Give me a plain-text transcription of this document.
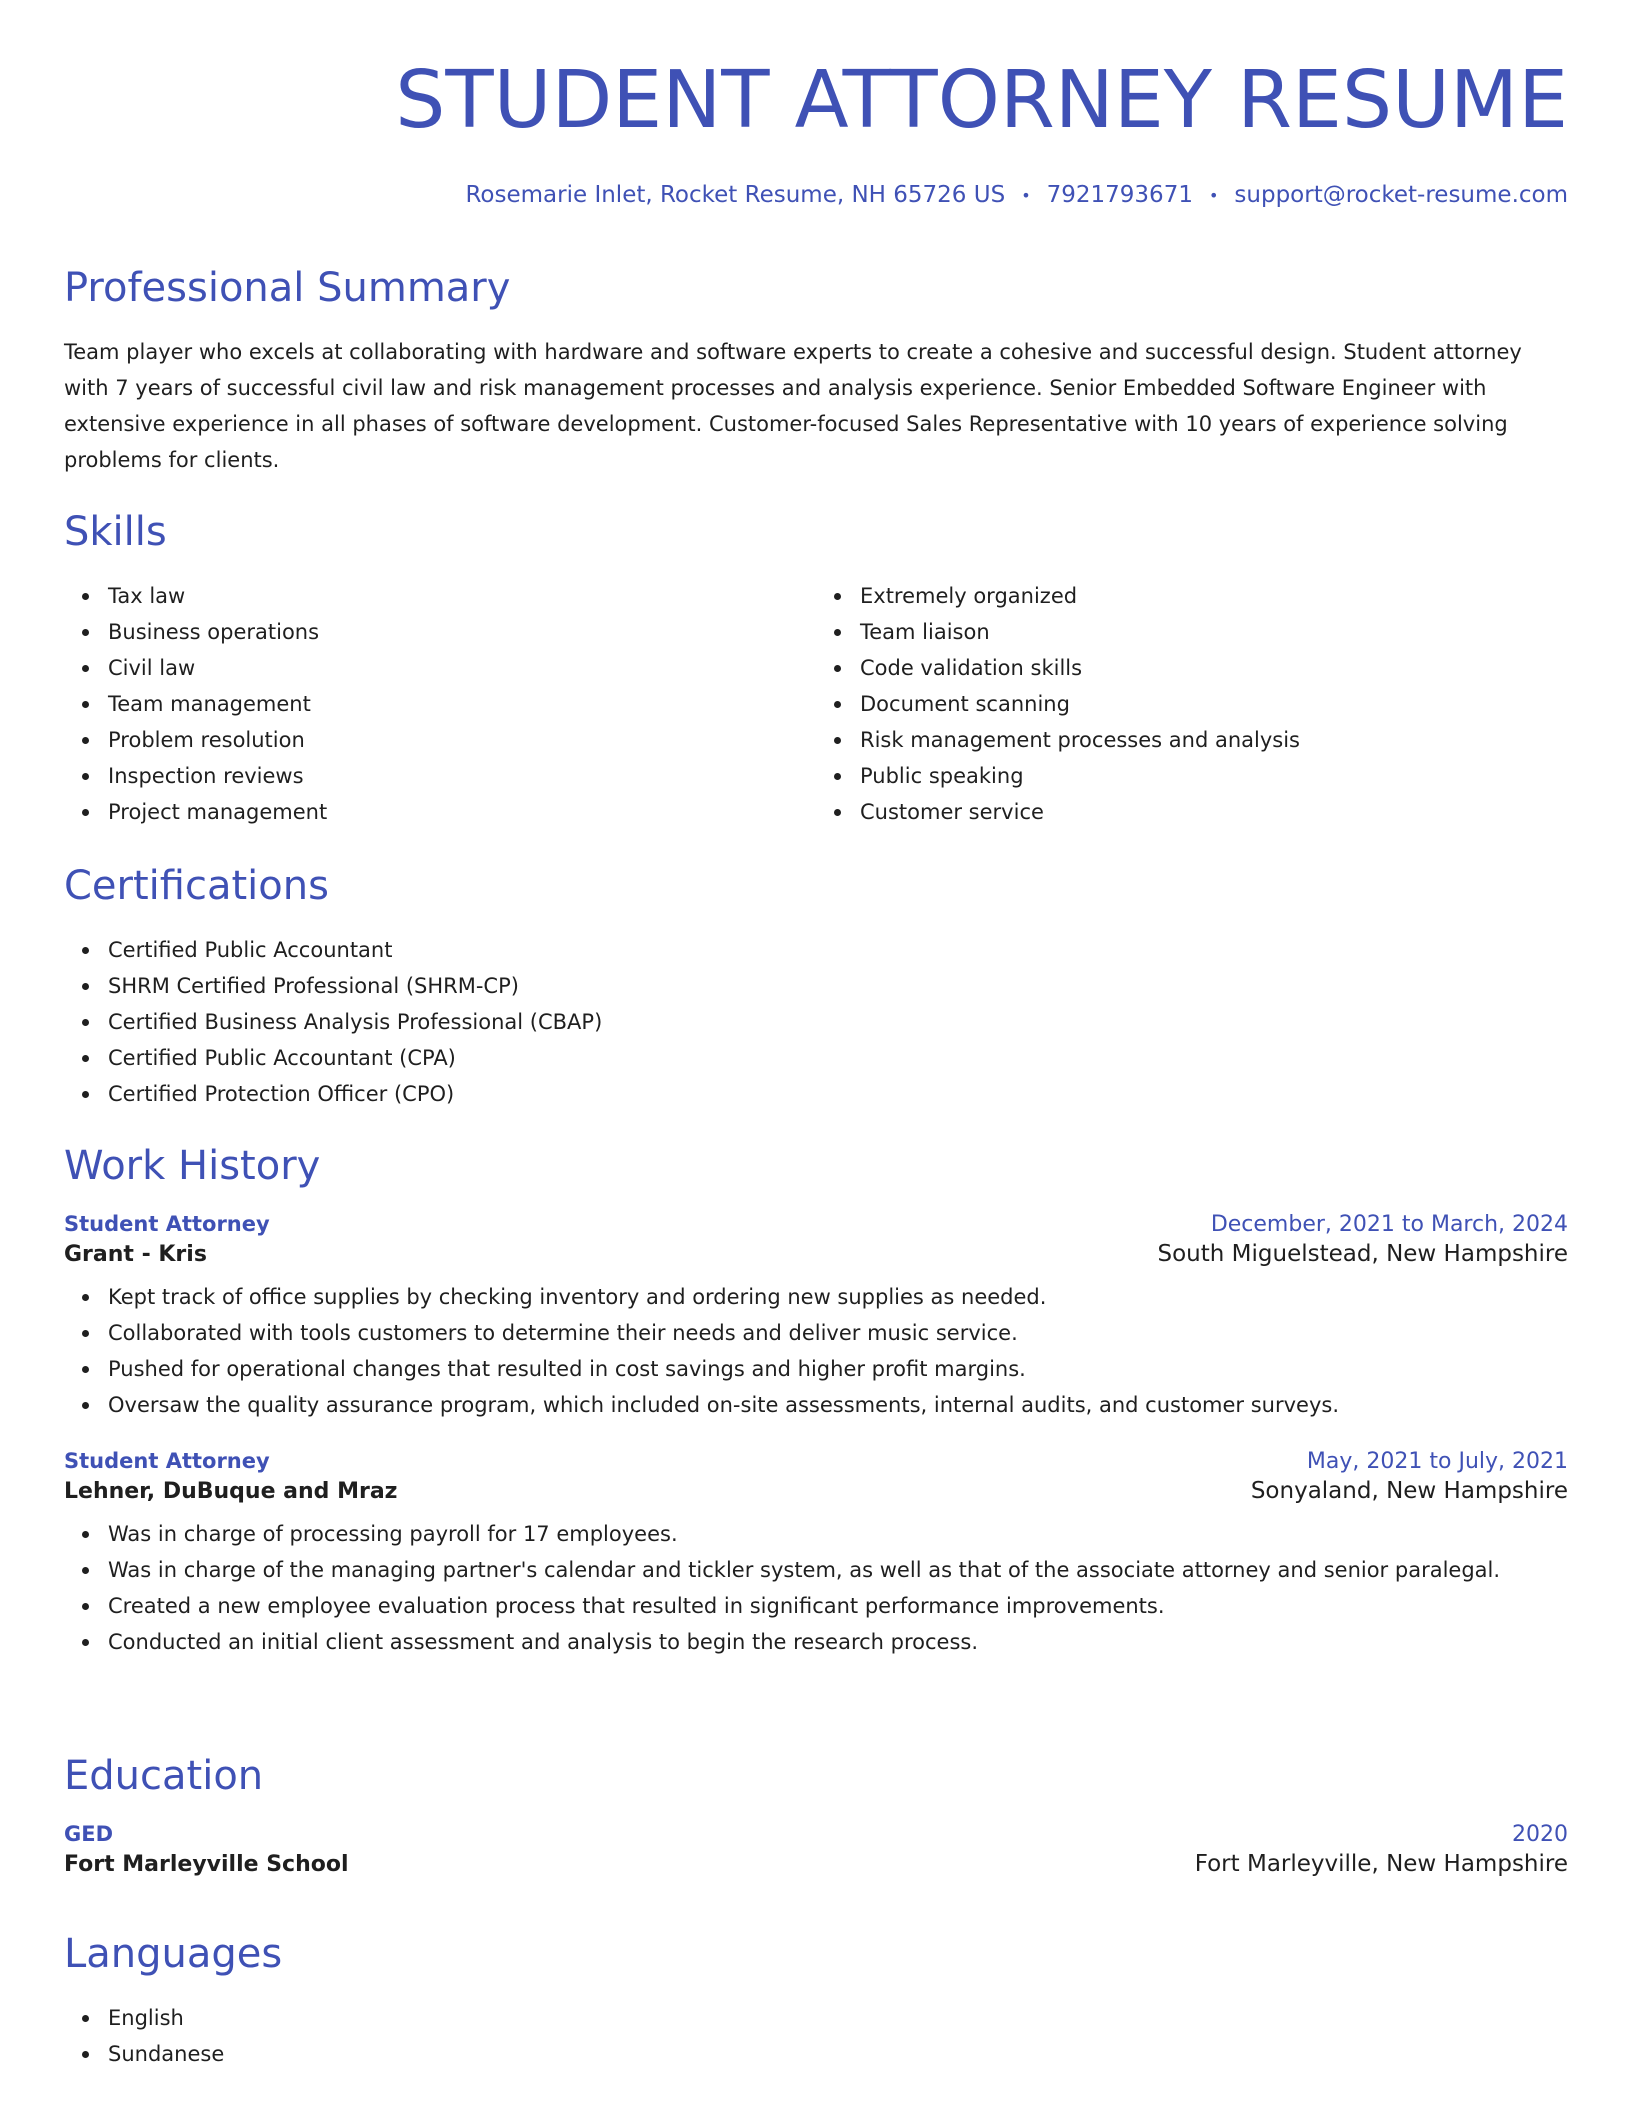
STUDENT ATTORNEY RESUME
Rosemarie Inlet, Rocket Resume, NH 65726 US • 7921793671 • support@rocket-resume.com
Professional Summary

Team player who excels at collaborating with hardware and software experts to create a cohesive and successful design. Student attorney with 7 years of successful civil law and risk management processes and analysis experience. Senior Embedded Software Engineer with extensive experience in all phases of software development. Customer-focused Sales Representative with 10 years of experience solving problems for clients.

Skills
Tax law
Business operations
Civil law
Team management
Problem resolution
Inspection reviews
Project management
Extremely organized
Team liaison
Code validation skills
Document scanning
Risk management processes and analysis
Public speaking
Customer service
Certifications
Certified Public Accountant
SHRM Certified Professional (SHRM-CP)
Certified Business Analysis Professional (CBAP)
Certified Public Accountant (CPA)
Certified Protection Officer (CPO)
Work History
Student Attorney	December, 2021 to March, 2024
Grant - Kris	South Miguelstead, New Hampshire
Kept track of office supplies by checking inventory and ordering new supplies as needed.
Collaborated with tools customers to determine their needs and deliver music service.
Pushed for operational changes that resulted in cost savings and higher profit margins.
Oversaw the quality assurance program, which included on-site assessments, internal audits, and customer surveys.
Student Attorney	May, 2021 to July, 2021
Lehner, DuBuque and Mraz	Sonyaland, New Hampshire
Was in charge of processing payroll for 17 employees.
Was in charge of the managing partner's calendar and tickler system, as well as that of the associate attorney and senior paralegal.
Created a new employee evaluation process that resulted in significant performance improvements.
Conducted an initial client assessment and analysis to begin the research process.
Education
GED	2020
Fort Marleyville School	Fort Marleyville, New Hampshire
Languages
English
Sundanese
